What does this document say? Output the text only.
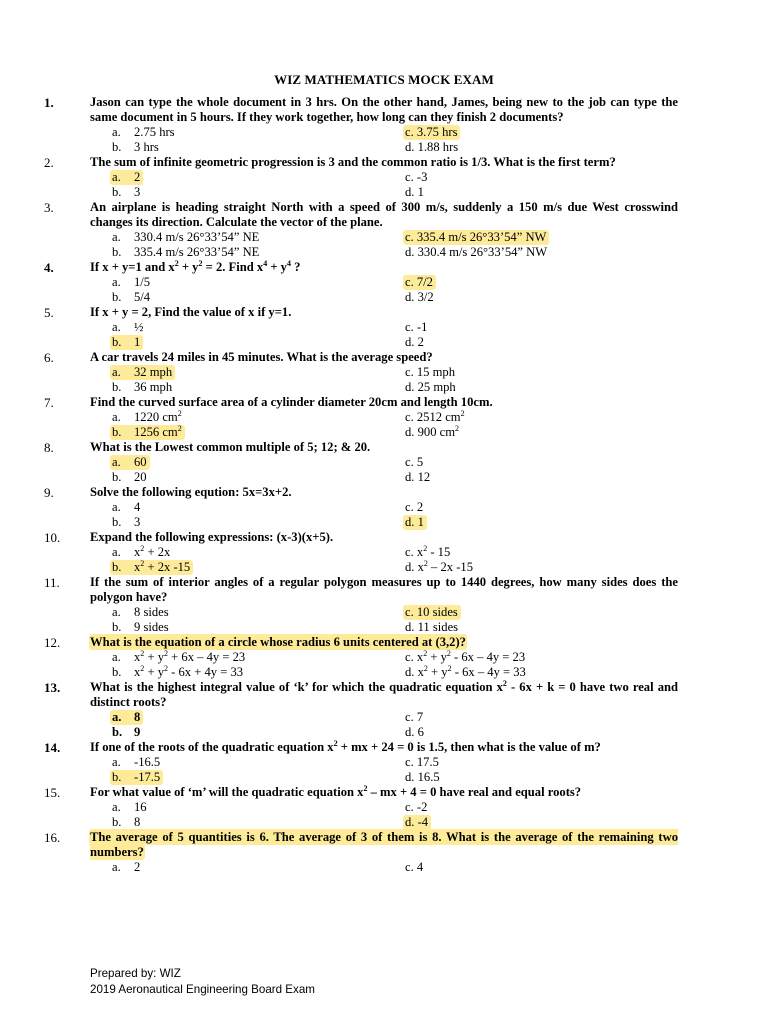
WIZ MATHEMATICS MOCK EXAM
1.	Jason can type the whole document in 3 hrs. On the other hand, James, being new to the job can type the same document in 5 hours. If they work together, how long can they finish 2 documents?
a. 2.75 hrs	c. 3.75 hrs
b. 3 hrs	d. 1.88 hrs
2.	The sum of infinite geometric progression is 3 and the common ratio is 1/3. What is the first term?
a. 2	c. -3
b. 3	d. 1
3.	An airplane is heading straight North with a speed of 300 m/s, suddenly a 150 m/s due West crosswind changes its direction. Calculate the vector of the plane.
a. 330.4 m/s 26°33’54” NE	c. 335.4 m/s 26°33’54” NW
b. 335.4 m/s 26°33’54” NE	d. 330.4 m/s 26°33’54” NW
4.	If x + y=1 and $x^2 + y^2 = 2$. Find $x^4 + y^4$ ?
a. 1/5	c. 7/2
b. 5/4	d. 3/2
5.	If x + y = 2, Find the value of x if y=1.
a. ½	c. -1
b. 1	d. 2
6.	A car travels 24 miles in 45 minutes. What is the average speed?
a. 32 mph	c. 15 mph
b. 36 mph	d. 25 mph
7.	Find the curved surface area of a cylinder diameter 20cm and length 10cm.
a. 1220 $cm^2$	c. 2512 $cm^2$
b. 1256 $cm^2$	d. 900 $cm^2$
8.	What is the Lowest common multiple of 5; 12; & 20.
a. 60	c. 5
b. 20	d. 12
9.	Solve the following eqution: 5x=3x+2.
a. 4	c. 2
b. 3	d. 1
10. Expand the following expressions: (x-3)(x+5).
a. $x^2 + 2x$	c. $x^2 - 15$
b. $x^2 + 2x$ -15	d. $x^2 - 2x$ -15
11. If the sum of interior angles of a regular polygon measures up to 1440 degrees, how many sides does the polygon have?
a. 8 sides	c. 10 sides
b. 9 sides	d. 11 sides
12. What is the equation of a circle whose radius 6 units centered at (3,2)?
a. $x^2 + y^2 + 6x - 4y = 23$	c. $x^2 + y^2 - 6x - 4y = 23$
b. $x^2 + y^2 - 6x + 4y = 33$	d. $x^2 + y^2 - 6x - 4y = 33$
13. What is the highest integral value of ‘k’ for which the quadratic equation $x^2 - 6x + k = 0$ have two real and distinct roots?
a. 8	c. 7
b. 9	d. 6
14. If one of the roots of the quadratic equation $x^2$ + mx + 24 = 0 is 1.5, then what is the value of m?
a. -16.5	c. 17.5
b. -17.5	d. 16.5
15. For what value of ‘m’ will the quadratic equation $x^2$ – mx + 4 = 0 have real and equal roots?
a. 16	c. -2
b. 8	d. -4
16. The average of 5 quantities is 6. The average of 3 of them is 8. What is the average of the remaining two numbers?
a. 2	c. 4
Prepared by: WIZ
2019 Aeronautical Engineering Board Exam
